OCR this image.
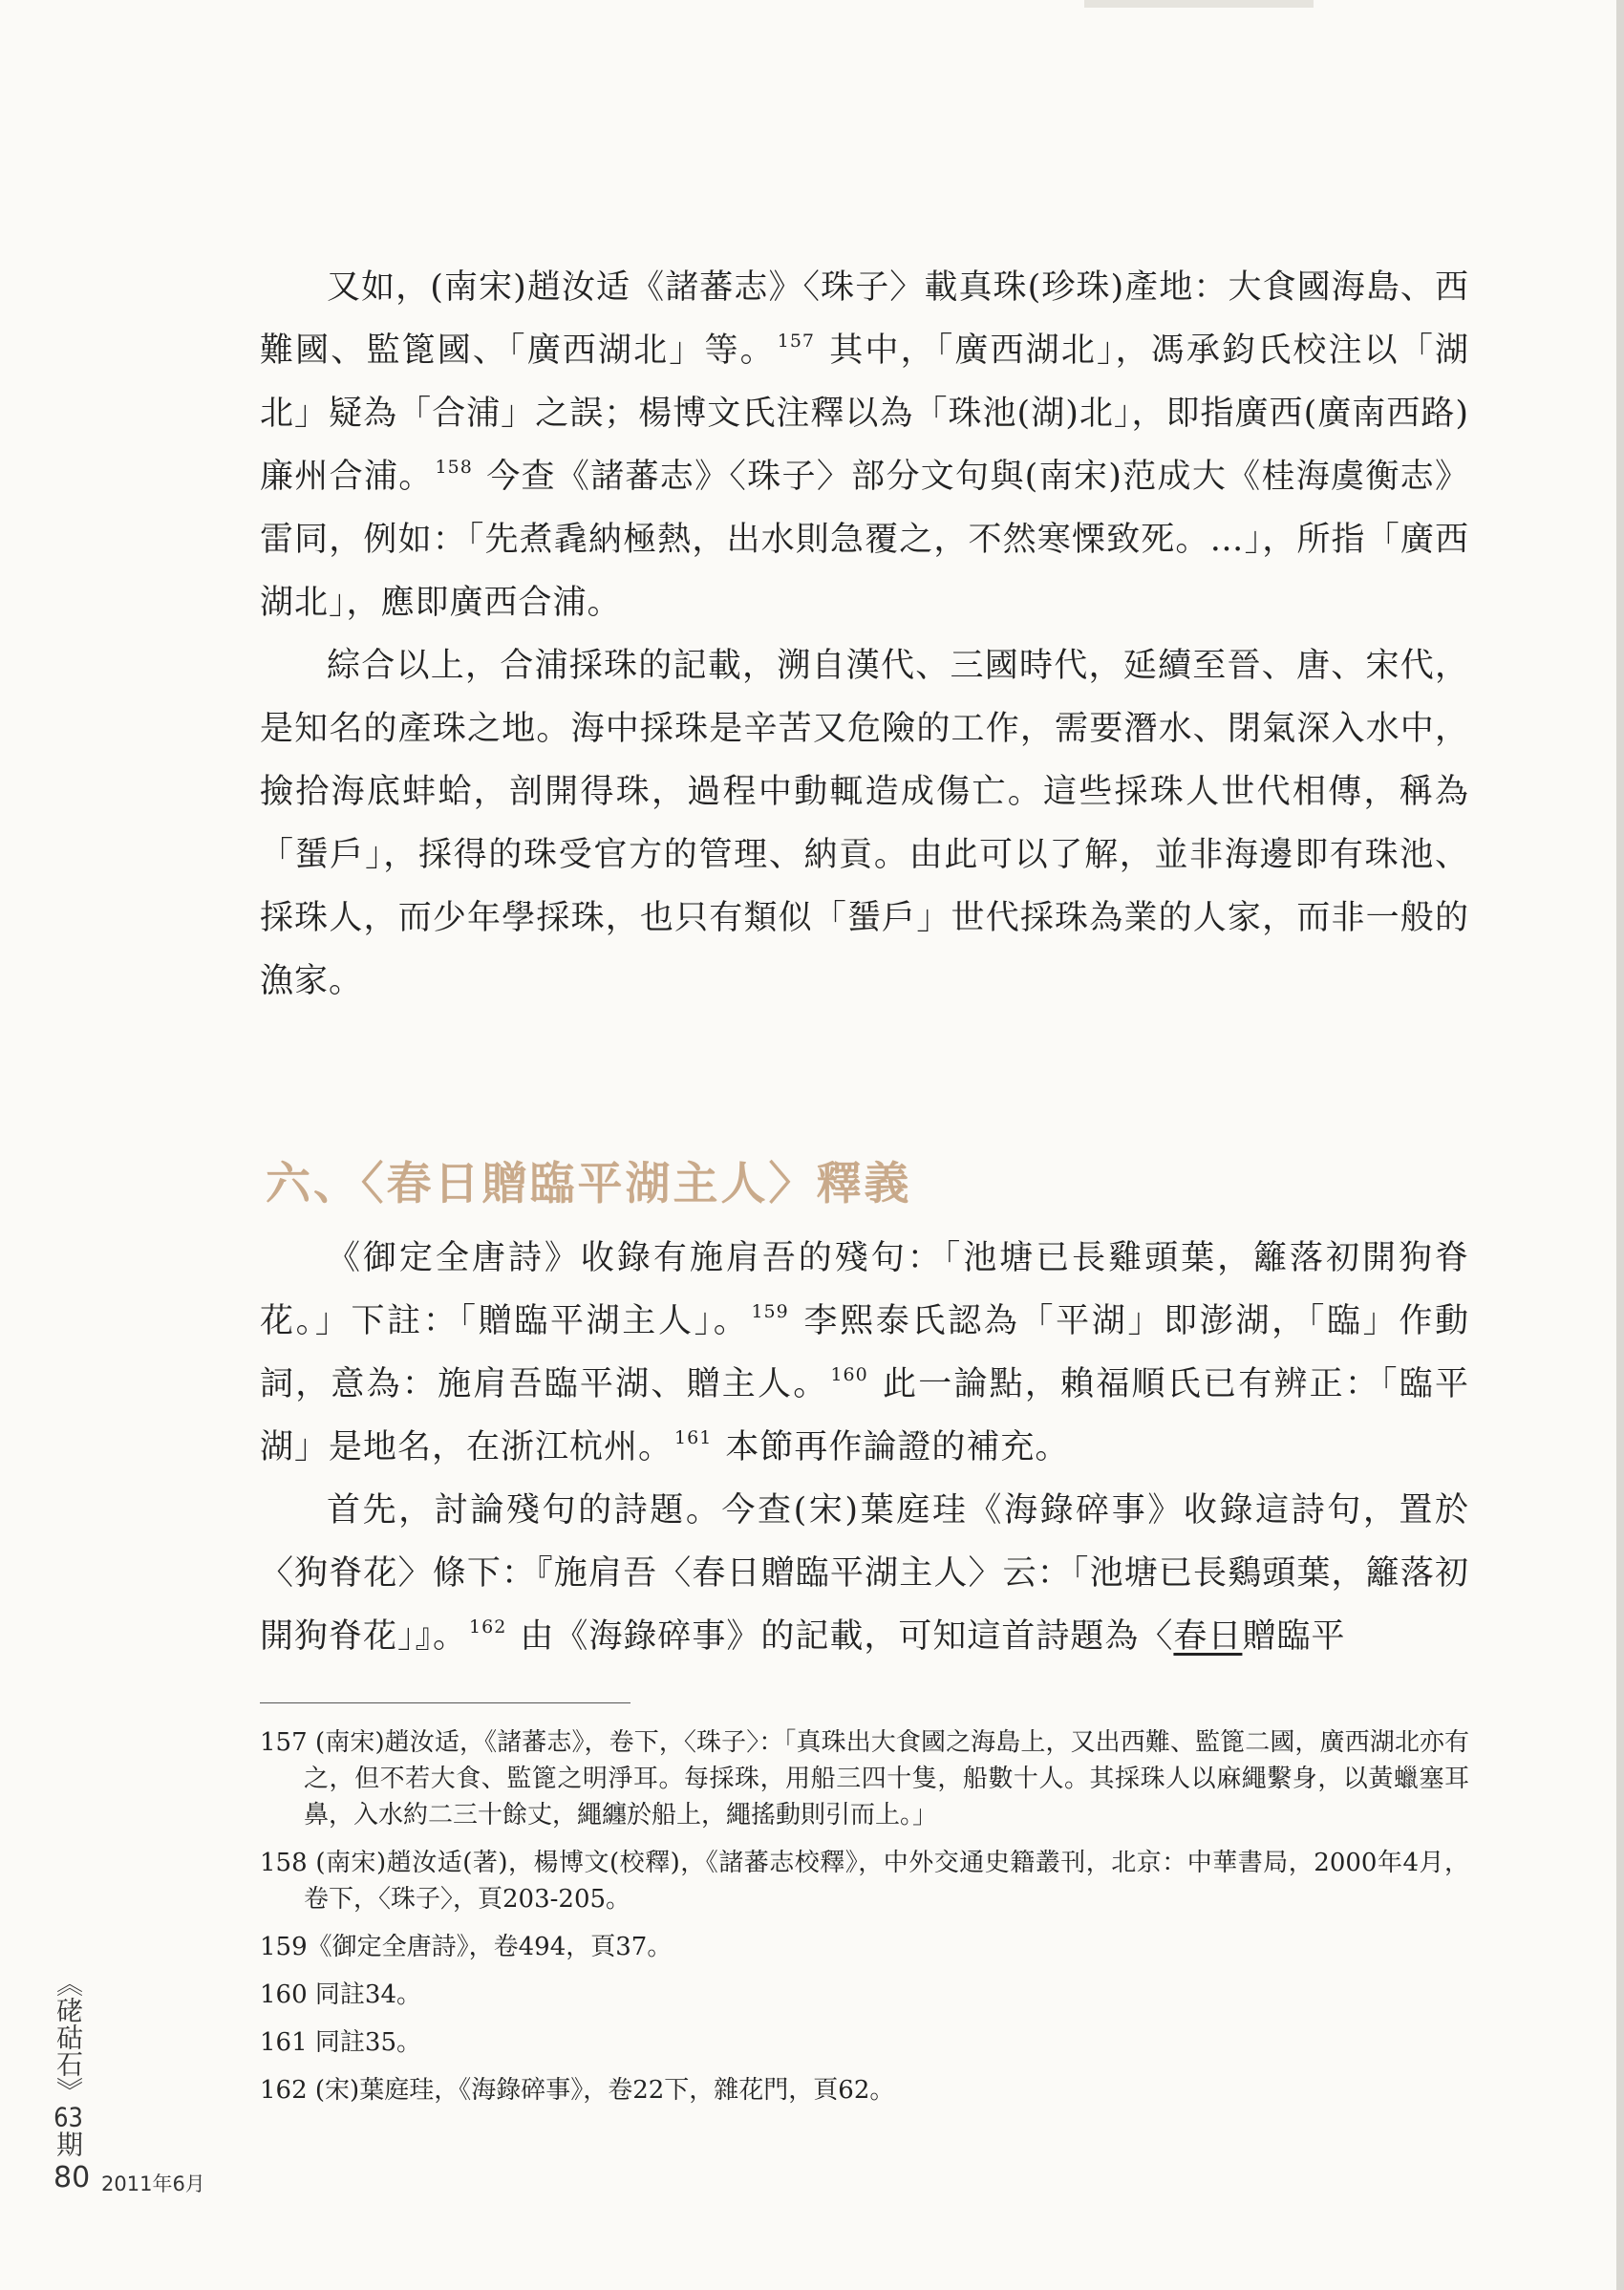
又如，(南宋)趙汝适《諸蕃志》〈珠子〉載真珠(珍珠)產地：大食國海島、西難國、監篦國、「廣西湖北」等。 $^{157}$ 其中，「廣西湖北」，馮承鈞氏校注以「湖北」疑為「合浦」之誤；楊博文氏注釋以為「珠池(湖)北」，即指廣西(廣南西路)廉州合浦。 $^{158}$ 今查《諸蕃志》〈珠子〉部分文句與(南宋)范成大《桂海虞衡志》雷同，例如：「先煮毳納極熱，出水則急覆之，不然寒慄致死。…」，所指「廣西湖北」，應即廣西合浦。

綜合以上，合浦採珠的記載，溯自漢代、三國時代，延續至晉、唐、宋代，是知名的產珠之地。海中採珠是辛苦又危險的工作，需要潛水、閉氣深入水中，撿拾海底蚌蛤，剖開得珠，過程中動輒造成傷亡。這些採珠人世代相傳，稱為「蜑戶」，採得的珠受官方的管理、納貢。由此可以了解，並非海邊即有珠池、採珠人，而少年學採珠，也只有類似「蜑戶」世代採珠為業的人家，而非一般的漁家。

六、〈春日贈臨平湖主人〉釋義

《御定全唐詩》收錄有施肩吾的殘句：「池塘已長雞頭葉，籬落初開狗脊花。」下註：「贈臨平湖主人」。 $^{159}$ 李熙泰氏認為「平湖」即澎湖，「臨」作動詞，意為：施肩吾臨平湖、贈主人。 $^{160}$ 此一論點，賴福順氏已有辨正：「臨平湖」是地名，在浙江杭州。 $^{161}$ 本節再作論證的補充。

首先，討論殘句的詩題。今查(宋)葉庭珪《海錄碎事》收錄這詩句，置於〈狗脊花〉條下：『施肩吾〈春日贈臨平湖主人〉云：「池塘已長鷄頭葉，籬落初開狗脊花」』。 $^{162}$ 由《海錄碎事》的記載，可知這首詩題為〈春日贈臨平

157 (南宋)趙汝适，《諸蕃志》，卷下，〈珠子〉：「真珠出大食國之海島上，又出西難、監篦二國，廣西湖北亦有之，但不若大食、監篦之明淨耳。每採珠，用船三四十隻，船數十人。其採珠人以麻繩繫身，以黃蠟塞耳鼻，入水約二三十餘丈，繩纏於船上，繩搖動則引而上。」
158 (南宋)趙汝适(著)，楊博文(校釋)，《諸蕃志校釋》，中外交通史籍叢刊，北京：中華書局，2000年4月，卷下，〈珠子〉，頁203-205。
159《御定全唐詩》，卷494，頁37。
160 同註34。
161 同註35。
162 (宋)葉庭珪，《海錄碎事》，卷22下，雜花門，頁62。
《硓𥑮石》63期
80 2011年6月
